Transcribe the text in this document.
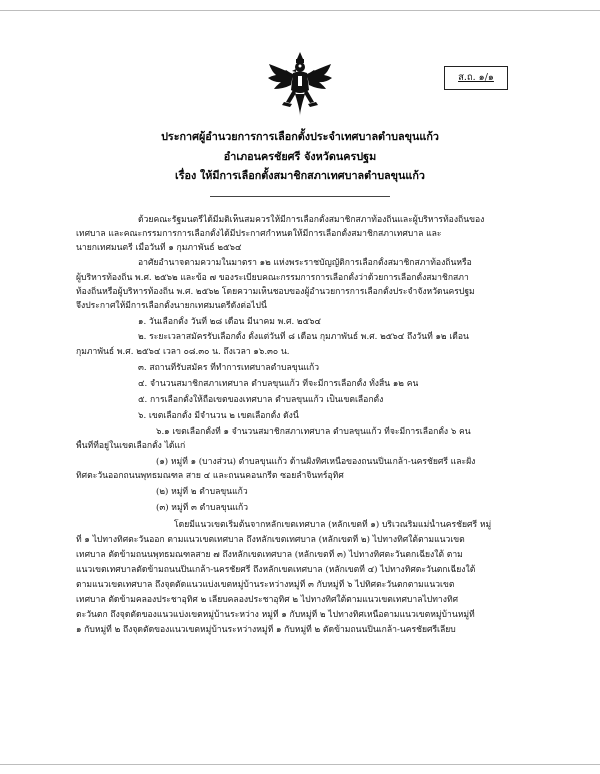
ส.ถ. ๑/๑
ประกาศผู้อำนวยการการเลือกตั้งประจำเทศบาลตำบลขุนแก้ว
อำเภอนครชัยศรี จังหวัดนครปฐม
เรื่อง ให้มีการเลือกตั้งสมาชิกสภาเทศบาลตำบลขุนแก้ว
ด้วยคณะรัฐมนตรีได้มีมติเห็นสมควรให้มีการเลือกตั้งสมาชิกสภาท้องถิ่นและผู้บริหารท้องถิ่นของ
เทศบาล และคณะกรรมการการเลือกตั้งได้มีประกาศกำหนดให้มีการเลือกตั้งสมาชิกสภาเทศบาล และ
นายกเทศมนตรี เมื่อวันที่ ๑ กุมภาพันธ์ ๒๕๖๔
อาศัยอำนาจตามความในมาตรา ๑๒ แห่งพระราชบัญญัติการเลือกตั้งสมาชิกสภาท้องถิ่นหรือ
ผู้บริหารท้องถิ่น พ.ศ. ๒๕๖๒ และข้อ ๗ ของระเบียบคณะกรรมการการเลือกตั้งว่าด้วยการเลือกตั้งสมาชิกสภา
ท้องถิ่นหรือผู้บริหารท้องถิ่น พ.ศ. ๒๕๖๒ โดยความเห็นชอบของผู้อำนวยการการเลือกตั้งประจำจังหวัดนครปฐม
จึงประกาศให้มีการเลือกตั้งนายกเทศมนตรีดังต่อไปนี้
๑. วันเลือกตั้ง วันที่ ๒๘ เดือน มีนาคม พ.ศ. ๒๕๖๔
๒. ระยะเวลาสมัครรับเลือกตั้ง ตั้งแต่วันที่ ๘ เดือน กุมภาพันธ์ พ.ศ. ๒๕๖๔ ถึงวันที่ ๑๒ เดือน
กุมภาพันธ์ พ.ศ. ๒๕๖๔ เวลา ๐๘.๓๐ น. ถึงเวลา ๑๖.๓๐ น.
๓. สถานที่รับสมัคร ที่ทำการเทศบาลตำบลขุนแก้ว
๔. จำนวนสมาชิกสภาเทศบาล ตำบลขุนแก้ว ที่จะมีการเลือกตั้ง ทั้งสิ้น ๑๒ คน
๕. การเลือกตั้งให้ถือเขตของเทศบาล ตำบลขุนแก้ว เป็นเขตเลือกตั้ง
๖. เขตเลือกตั้ง มีจำนวน ๒ เขตเลือกตั้ง ดังนี้
๖.๑ เขตเลือกตั้งที่ ๑ จำนวนสมาชิกสภาเทศบาล ตำบลขุนแก้ว ที่จะมีการเลือกตั้ง ๖ คน
พื้นที่ที่อยู่ในเขตเลือกตั้ง ได้แก่
(๑) หมู่ที่ ๑ (บางส่วน) ตำบลขุนแก้ว ด้านฝั่งทิศเหนือของถนนปิ่นเกล้า-นครชัยศรี และฝั่ง
ทิศตะวันออกถนนพุทธมณฑล สาย ๔ และถนนคอนกรีต ซอยลำจินทร์อุทิศ
(๒) หมู่ที่ ๒ ตำบลขุนแก้ว
(๓) หมู่ที่ ๓ ตำบลขุนแก้ว
โดยมีแนวเขตเริ่มต้นจากหลักเขตเทศบาล (หลักเขตที่ ๑) บริเวณริมแม่น้ำนครชัยศรี หมู่
ที่ ๑ ไปทางทิศตะวันออก ตามแนวเขตเทศบาล ถึงหลักเขตเทศบาล (หลักเขตที่ ๒) ไปทางทิศใต้ตามแนวเขต
เทศบาล ตัดข้ามถนนพุทธมณฑลสาย ๗ ถึงหลักเขตเทศบาล (หลักเขตที่ ๓) ไปทางทิศตะวันตกเฉียงใต้ ตาม
แนวเขตเทศบาลตัดข้ามถนนปิ่นเกล้า-นครชัยศรี ถึงหลักเขตเทศบาล (หลักเขตที่ ๔) ไปทางทิศตะวันตกเฉียงใต้
ตามแนวเขตเทศบาล ถึงจุดตัดแนวแบ่งเขตหมู่บ้านระหว่างหมู่ที่ ๓ กับหมู่ที่ ๖ ไปทิศตะวันตกตามแนวเขต
เทศบาล ตัดข้ามคลองประชาอุทิศ ๒ เลียบคลองประชาอุทิศ ๒ ไปทางทิศใต้ตามแนวเขตเทศบาลไปทางทิศ
ตะวันตก ถึงจุดตัดของแนวแบ่งเขตหมู่บ้านระหว่าง หมู่ที่ ๑ กับหมู่ที่ ๒ ไปทางทิศเหนือตามแนวเขตหมู่บ้านหมู่ที่
๑ กับหมู่ที่ ๒ ถึงจุดตัดของแนวเขตหมู่บ้านระหว่างหมู่ที่ ๑ กับหมู่ที่ ๒ ตัดข้ามถนนปิ่นเกล้า-นครชัยศรีเลียบ
